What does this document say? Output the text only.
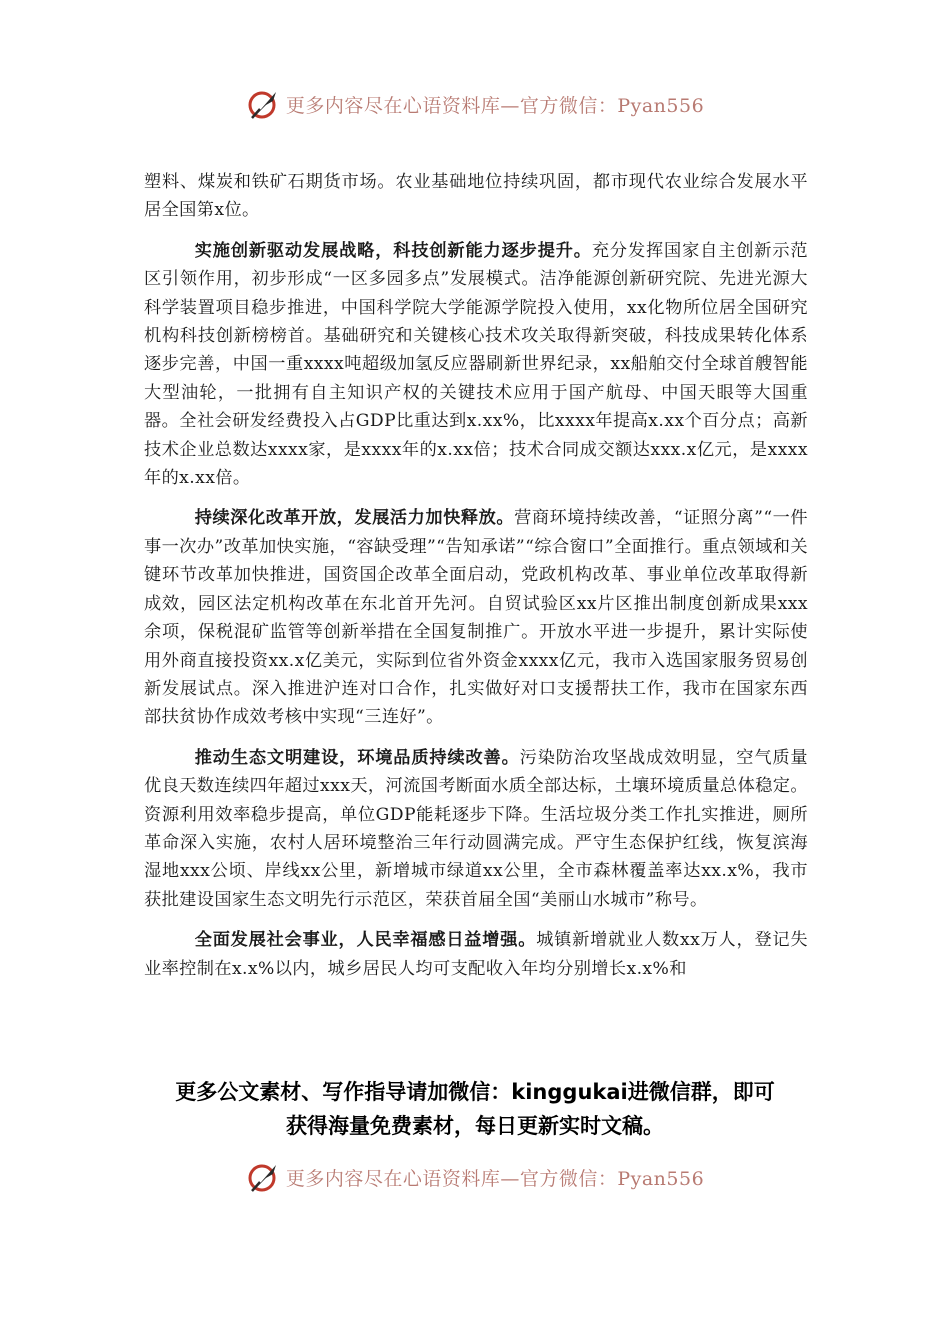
更多内容尽在心语资料库—官方微信：Pyan556

塑料、煤炭和铁矿石期货市场。农业基础地位持续巩固，都市现代农业综合发展水平居全国第x位。

实施创新驱动发展战略，科技创新能力逐步提升。充分发挥国家自主创新示范区引领作用，初步形成“一区多园多点”发展模式。洁净能源创新研究院、先进光源大科学装置项目稳步推进，中国科学院大学能源学院投入使用，xx化物所位居全国研究机构科技创新榜榜首。基础研究和关键核心技术攻关取得新突破，科技成果转化体系逐步完善，中国一重xxxx吨超级加氢反应器刷新世界纪录，xx船舶交付全球首艘智能大型油轮，一批拥有自主知识产权的关键技术应用于国产航母、中国天眼等大国重器。全社会研发经费投入占GDP比重达到x.xx%，比xxxx年提高x.xx个百分点；高新技术企业总数达xxxx家，是xxxx年的x.xx倍；技术合同成交额达xxx.x亿元，是xxxx年的x.xx倍。

持续深化改革开放，发展活力加快释放。营商环境持续改善，“证照分离”“一件事一次办”改革加快实施，“容缺受理”“告知承诺”“综合窗口”全面推行。重点领域和关键环节改革加快推进，国资国企改革全面启动，党政机构改革、事业单位改革取得新成效，园区法定机构改革在东北首开先河。自贸试验区xx片区推出制度创新成果xxx余项，保税混矿监管等创新举措在全国复制推广。开放水平进一步提升，累计实际使用外商直接投资xx.x亿美元，实际到位省外资金xxxx亿元，我市入选国家服务贸易创新发展试点。深入推进沪连对口合作，扎实做好对口支援帮扶工作，我市在国家东西部扶贫协作成效考核中实现“三连好”。

推动生态文明建设，环境品质持续改善。污染防治攻坚战成效明显，空气质量优良天数连续四年超过xxx天，河流国考断面水质全部达标，土壤环境质量总体稳定。资源利用效率稳步提高，单位GDP能耗逐步下降。生活垃圾分类工作扎实推进，厕所革命深入实施，农村人居环境整治三年行动圆满完成。严守生态保护红线，恢复滨海湿地xxx公顷、岸线xx公里，新增城市绿道xx公里，全市森林覆盖率达xx.x%，我市获批建设国家生态文明先行示范区，荣获首届全国“美丽山水城市”称号。

全面发展社会事业，人民幸福感日益增强。城镇新增就业人数xx万人，登记失业率控制在x.x%以内，城乡居民人均可支配收入年均分别增长x.x%和

更多公文素材、写作指导请加微信：kinggukai进微信群，即可
获得海量免费素材，每日更新实时文稿。
更多内容尽在心语资料库—官方微信：Pyan556
